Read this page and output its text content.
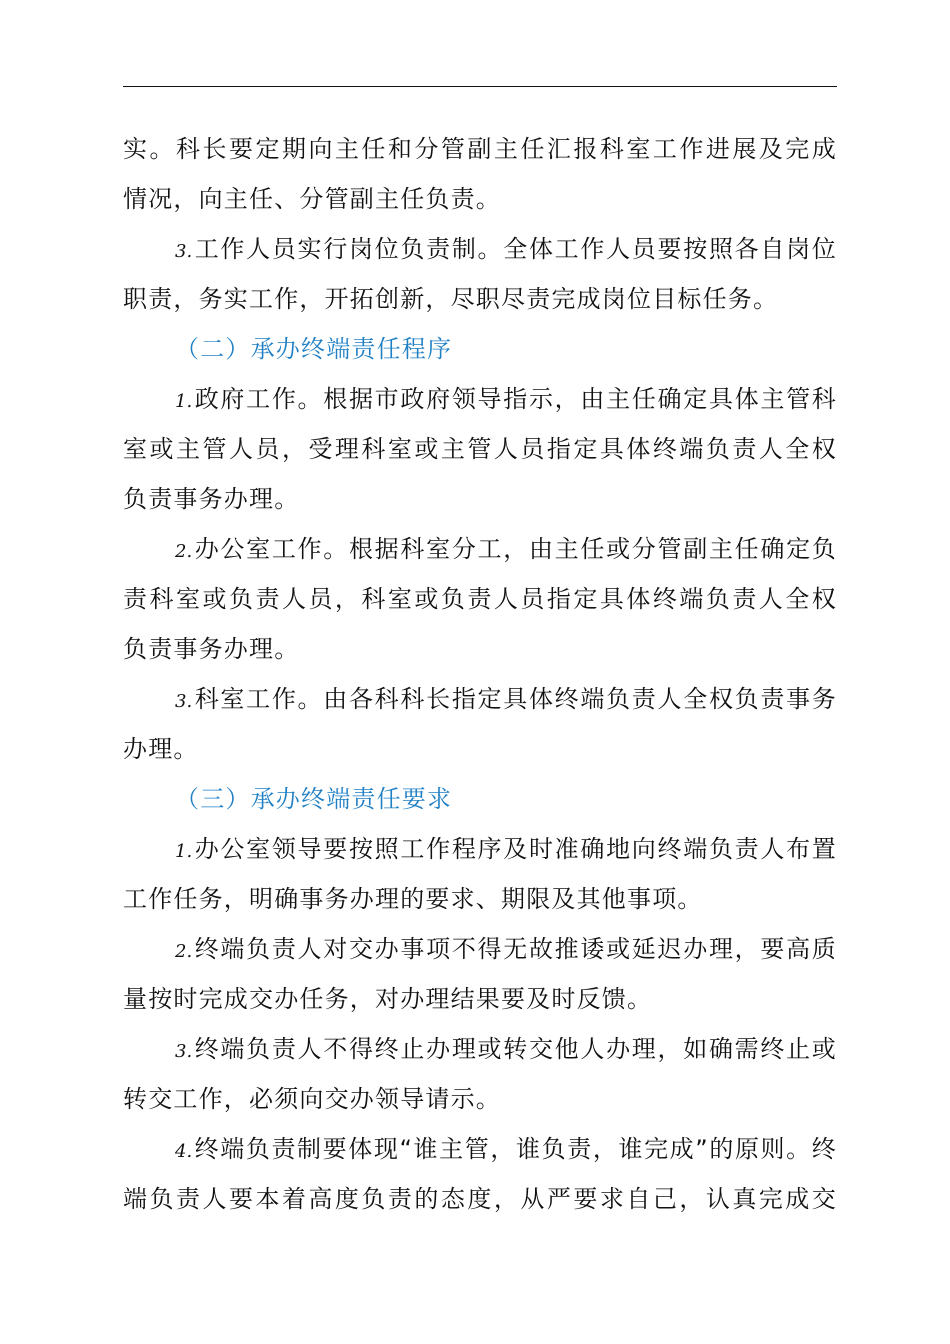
实。科长要定期向主任和分管副主任汇报科室工作进展及完成
情况，向主任、分管副主任负责。
3.工作人员实行岗位负责制。全体工作人员要按照各自岗位
职责，务实工作，开拓创新，尽职尽责完成岗位目标任务。
（二）承办终端责任程序
1.政府工作。根据市政府领导指示，由主任确定具体主管科
室或主管人员，受理科室或主管人员指定具体终端负责人全权
负责事务办理。
2.办公室工作。根据科室分工，由主任或分管副主任确定负
责科室或负责人员，科室或负责人员指定具体终端负责人全权
负责事务办理。
3.科室工作。由各科科长指定具体终端负责人全权负责事务
办理。
（三）承办终端责任要求
1.办公室领导要按照工作程序及时准确地向终端负责人布置
工作任务，明确事务办理的要求、期限及其他事项。
2.终端负责人对交办事项不得无故推诿或延迟办理，要高质
量按时完成交办任务，对办理结果要及时反馈。
3.终端负责人不得终止办理或转交他人办理，如确需终止或
转交工作，必须向交办领导请示。
4.终端负责制要体现“谁主管，谁负责，谁完成”的原则。终
端负责人要本着高度负责的态度，从严要求自己，认真完成交
